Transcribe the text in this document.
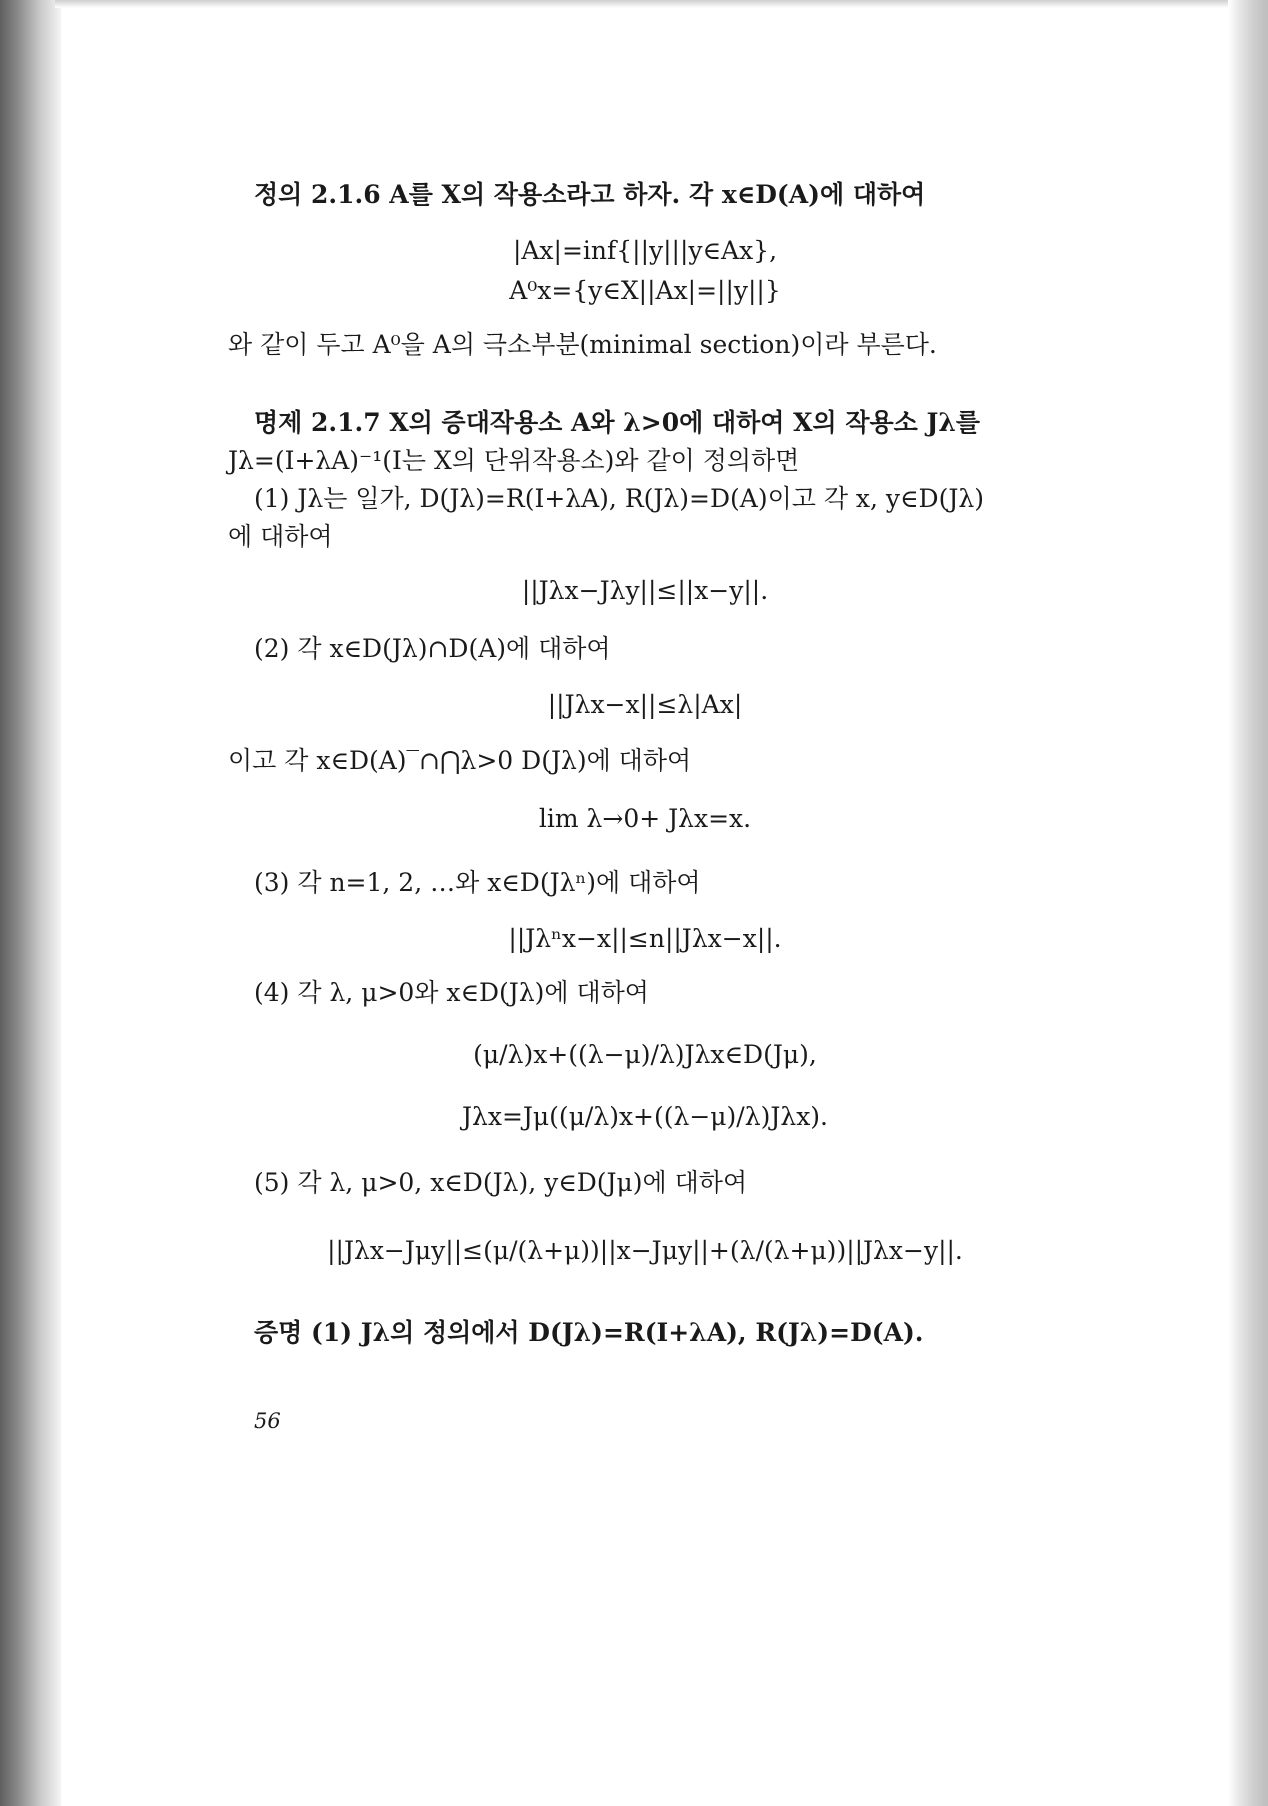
정의 2.1.6 A를 X의 작용소라고 하자. 각 x∈D(A)에 대하여
|Ax|=inf{||y|||y∈Ax},
A⁰x={y∈X||Ax|=||y||}
와 같이 두고 A⁰을 A의 극소부분(minimal section)이라 부른다.
명제 2.1.7 X의 증대작용소 A와 λ>0에 대하여 X의 작용소 Jλ를
Jλ=(I+λA)⁻¹(I는 X의 단위작용소)와 같이 정의하면
(1) Jλ는 일가, D(Jλ)=R(I+λA), R(Jλ)=D(A)이고 각 x, y∈D(Jλ)
에 대하여
||Jλx−Jλy||≤||x−y||.
(2) 각 x∈D(Jλ)∩D(A)에 대하여
||Jλx−x||≤λ|Ax|
이고 각 x∈D(A)‾∩⋂λ>0 D(Jλ)에 대하여
lim λ→0+ Jλx=x.
(3) 각 n=1, 2, …와 x∈D(Jλⁿ)에 대하여
||Jλⁿx−x||≤n||Jλx−x||.
(4) 각 λ, μ>0와 x∈D(Jλ)에 대하여
(μ/λ)x+((λ−μ)/λ)Jλx∈D(Jμ),
Jλx=Jμ((μ/λ)x+((λ−μ)/λ)Jλx).
(5) 각 λ, μ>0, x∈D(Jλ), y∈D(Jμ)에 대하여
||Jλx−Jμy||≤(μ/(λ+μ))||x−Jμy||+(λ/(λ+μ))||Jλx−y||.
증명 (1) Jλ의 정의에서 D(Jλ)=R(I+λA), R(Jλ)=D(A).
56
